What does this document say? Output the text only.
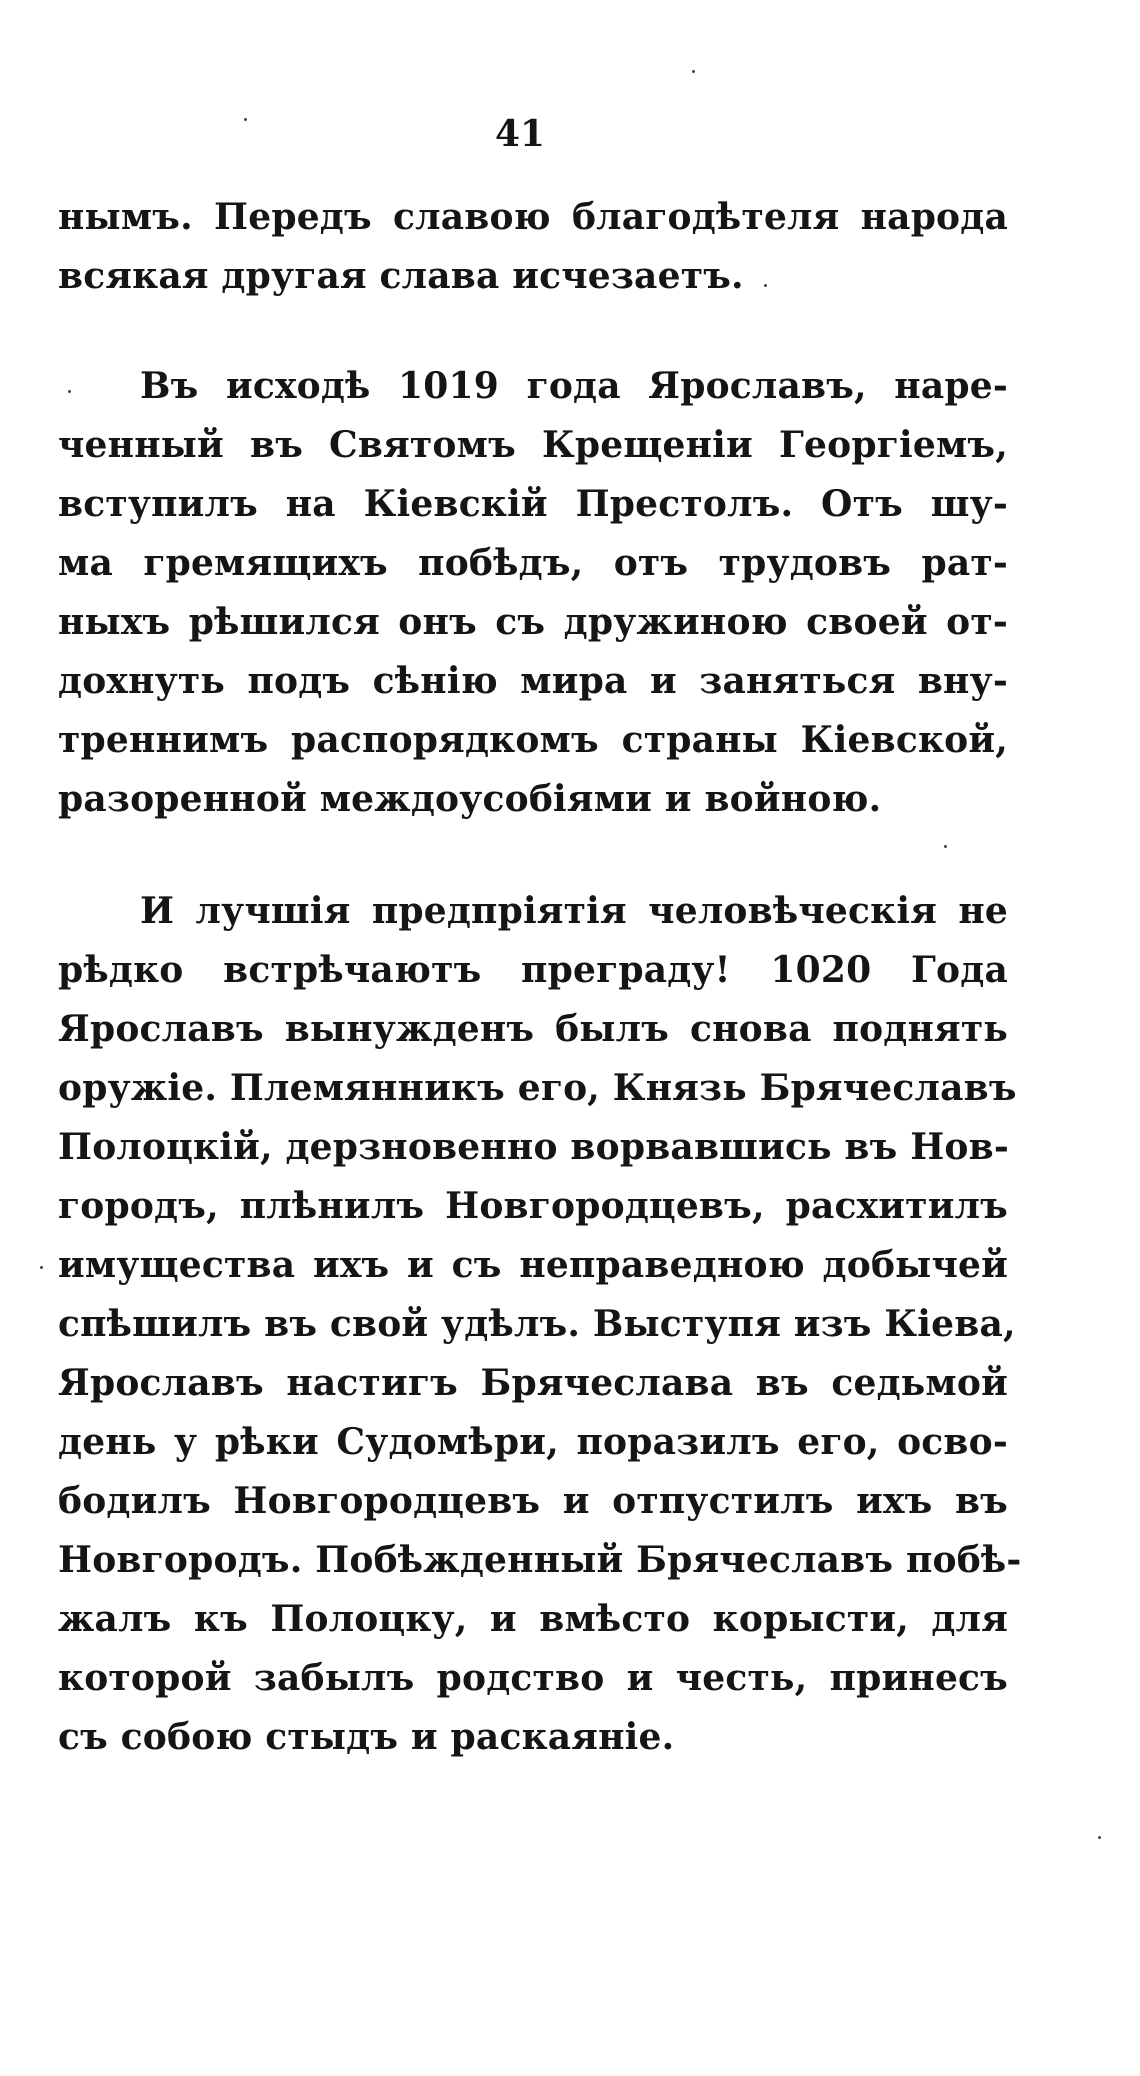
41
нымъ. Передъ славою благодѣтеля народа
всякая другая слава исчезаетъ.
Въ исходѣ 1019 года Ярославъ, наре-
ченный въ Святомъ Крещеніи Георгіемъ,
вступилъ на Кіевскій Престолъ. Отъ шу-
ма гремящихъ побѣдъ, отъ трудовъ рат-
ныхъ рѣшился онъ съ дружиною своей от-
дохнуть подъ сѣнію мира и заняться вну-
треннимъ распорядкомъ страны Кіевской,
разоренной междоусобіями и войною.
И лучшія предпріятія человѣческія не
рѣдко встрѣчаютъ преграду! 1020 Года
Ярославъ вынужденъ былъ снова поднять
оружіе. Племянникъ его, Князь Брячеславъ
Полоцкій, дерзновенно ворвавшись въ Нов-
городъ, плѣнилъ Новгородцевъ, расхитилъ
имущества ихъ и съ неправедною добычей
спѣшилъ въ свой удѣлъ. Выступя изъ Кіева,
Ярославъ настигъ Брячеслава въ седьмой
день у рѣки Судомѣри, поразилъ его, осво-
бодилъ Новгородцевъ и отпустилъ ихъ въ
Новгородъ. Побѣжденный Брячеславъ побѣ-
жалъ къ Полоцку, и вмѣсто корысти, для
которой забылъ родство и честь, принесъ
съ собою стыдъ и раскаяніе.
